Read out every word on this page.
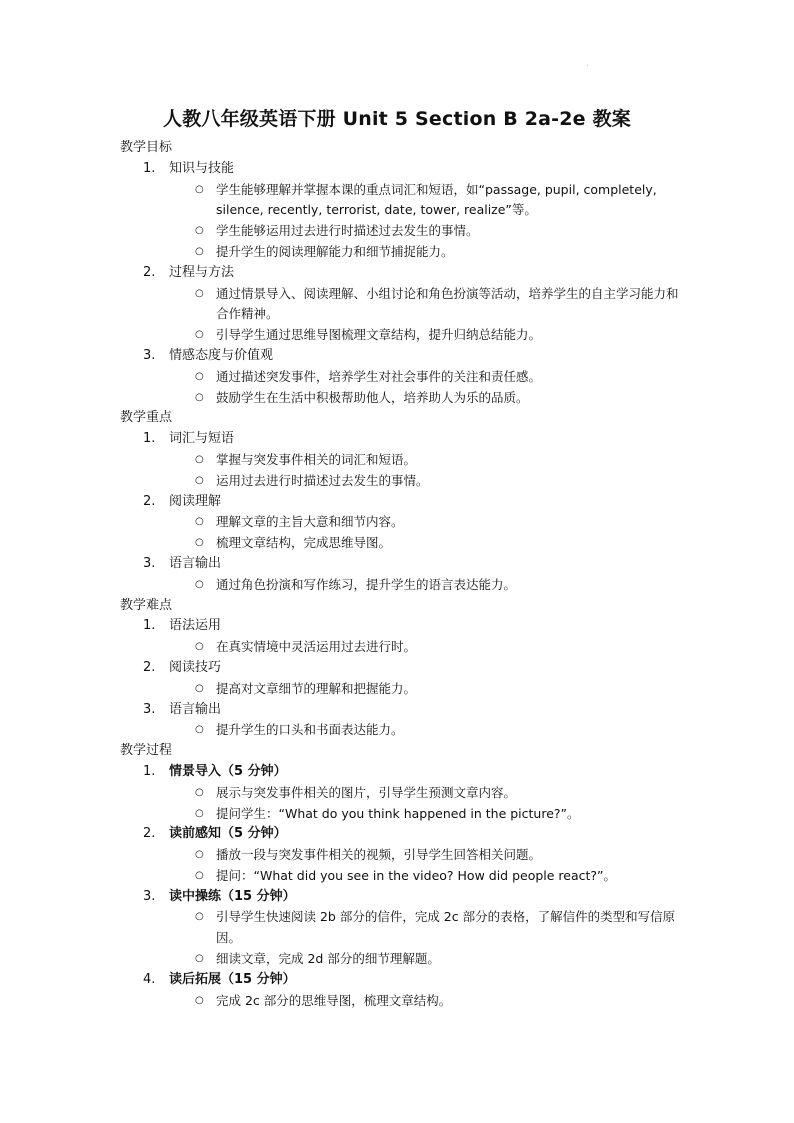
'
人教八年级英语下册 Unit 5 Section B 2a-2e 教案
教学目标
1. 知识与技能
○ 学生能够理解并掌握本课的重点词汇和短语，如“passage, pupil, completely, silence, recently, terrorist, date, tower, realize”等。
○ 学生能够运用过去进行时描述过去发生的事情。
○ 提升学生的阅读理解能力和细节捕捉能力。
2. 过程与方法
○ 通过情景导入、阅读理解、小组讨论和角色扮演等活动，培养学生的自主学习能力和合作精神。
○ 引导学生通过思维导图梳理文章结构，提升归纳总结能力。
3. 情感态度与价值观
○ 通过描述突发事件，培养学生对社会事件的关注和责任感。
○ 鼓励学生在生活中积极帮助他人，培养助人为乐的品质。
教学重点
1. 词汇与短语
○ 掌握与突发事件相关的词汇和短语。
○ 运用过去进行时描述过去发生的事情。
2. 阅读理解
○ 理解文章的主旨大意和细节内容。
○ 梳理文章结构，完成思维导图。
3. 语言输出
○ 通过角色扮演和写作练习，提升学生的语言表达能力。
教学难点
1. 语法运用
○ 在真实情境中灵活运用过去进行时。
2. 阅读技巧
○ 提高对文章细节的理解和把握能力。
3. 语言输出
○ 提升学生的口头和书面表达能力。
教学过程
1. 情景导入（5 分钟）
○ 展示与突发事件相关的图片，引导学生预测文章内容。
○ 提问学生：“What do you think happened in the picture?”。
2. 读前感知（5 分钟）
○ 播放一段与突发事件相关的视频，引导学生回答相关问题。
○ 提问：“What did you see in the video? How did people react?”。
3. 读中操练（15 分钟）
○ 引导学生快速阅读 2b 部分的信件，完成 2c 部分的表格，了解信件的类型和写信原因。
○ 细读文章，完成 2d 部分的细节理解题。
4. 读后拓展（15 分钟）
○ 完成 2c 部分的思维导图，梳理文章结构。
